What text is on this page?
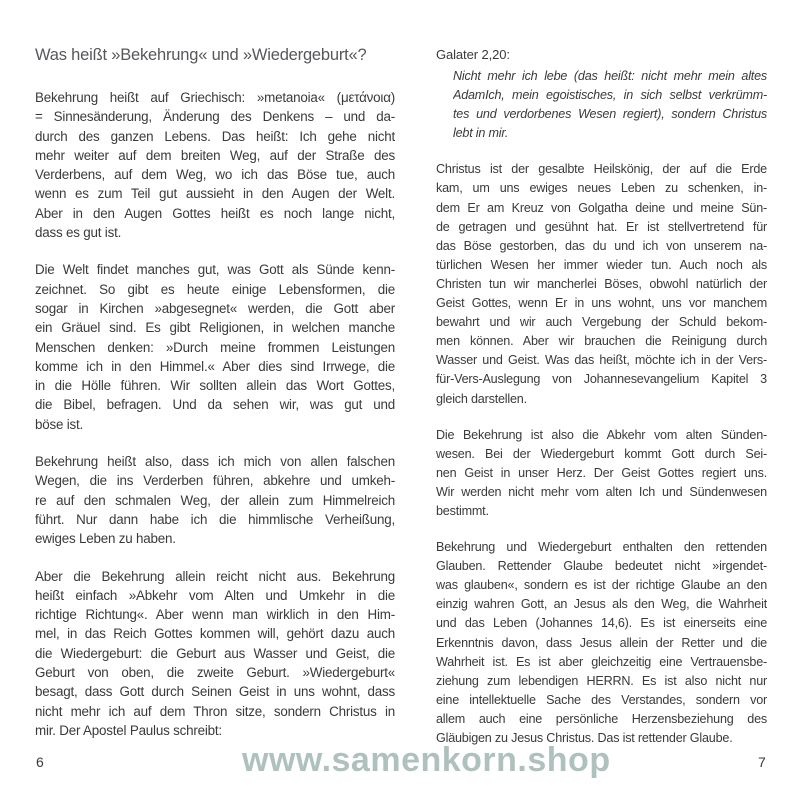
Was heißt »Bekehrung« und »Wiedergeburt«?
Bekehrung heißt auf Griechisch: »metanoia« (μετάνοια)
= Sinnesänderung, Änderung des Denkens – und da-
durch des ganzen Lebens. Das heißt: Ich gehe nicht
mehr weiter auf dem breiten Weg, auf der Straße des
Verderbens, auf dem Weg, wo ich das Böse tue, auch
wenn es zum Teil gut aussieht in den Augen der Welt.
Aber in den Augen Gottes heißt es noch lange nicht,
dass es gut ist.
Die Welt findet manches gut, was Gott als Sünde kenn-
zeichnet. So gibt es heute einige Lebensformen, die
sogar in Kirchen »abgesegnet« werden, die Gott aber
ein Gräuel sind. Es gibt Religionen, in welchen manche
Menschen denken: »Durch meine frommen Leistungen
komme ich in den Himmel.« Aber dies sind Irrwege, die
in die Hölle führen. Wir sollten allein das Wort Gottes,
die Bibel, befragen. Und da sehen wir, was gut und
böse ist.
Bekehrung heißt also, dass ich mich von allen falschen
Wegen, die ins Verderben führen, abkehre und umkeh-
re auf den schmalen Weg, der allein zum Himmelreich
führt. Nur dann habe ich die himmlische Verheißung,
ewiges Leben zu haben.
Aber die Bekehrung allein reicht nicht aus. Bekehrung
heißt einfach »Abkehr vom Alten und Umkehr in die
richtige Richtung«. Aber wenn man wirklich in den Him-
mel, in das Reich Gottes kommen will, gehört dazu auch
die Wiedergeburt: die Geburt aus Wasser und Geist, die
Geburt von oben, die zweite Geburt. »Wiedergeburt«
besagt, dass Gott durch Seinen Geist in uns wohnt, dass
nicht mehr ich auf dem Thron sitze, sondern Christus in
mir. Der Apostel Paulus schreibt:
Galater 2,20:
Nicht mehr ich lebe (das heißt: nicht mehr mein altes
AdamIch, mein egoistisches, in sich selbst verkrümm-
tes und verdorbenes Wesen regiert), sondern Christus
lebt in mir.
Christus ist der gesalbte Heilskönig, der auf die Erde
kam, um uns ewiges neues Leben zu schenken, in-
dem Er am Kreuz von Golgatha deine und meine Sün-
de getragen und gesühnt hat. Er ist stellvertretend für
das Böse gestorben, das du und ich von unserem na-
türlichen Wesen her immer wieder tun. Auch noch als
Christen tun wir mancherlei Böses, obwohl natürlich der
Geist Gottes, wenn Er in uns wohnt, uns vor manchem
bewahrt und wir auch Vergebung der Schuld bekom-
men können. Aber wir brauchen die Reinigung durch
Wasser und Geist. Was das heißt, möchte ich in der Vers-
für-Vers-Auslegung von Johannesevangelium Kapitel 3
gleich darstellen.
Die Bekehrung ist also die Abkehr vom alten Sünden-
wesen. Bei der Wiedergeburt kommt Gott durch Sei-
nen Geist in unser Herz. Der Geist Gottes regiert uns.
Wir werden nicht mehr vom alten Ich und Sündenwesen
bestimmt.
Bekehrung und Wiedergeburt enthalten den rettenden
Glauben. Rettender Glaube bedeutet nicht »irgendet-
was glauben«, sondern es ist der richtige Glaube an den
einzig wahren Gott, an Jesus als den Weg, die Wahrheit
und das Leben (Johannes 14,6). Es ist einerseits eine
Erkenntnis davon, dass Jesus allein der Retter und die
Wahrheit ist. Es ist aber gleichzeitig eine Vertrauensbe-
ziehung zum lebendigen HERRN. Es ist also nicht nur
eine intellektuelle Sache des Verstandes, sondern vor
allem auch eine persönliche Herzensbeziehung des
Gläubigen zu Jesus Christus. Das ist rettender Glaube.
6	7
www.samenkorn.shop
